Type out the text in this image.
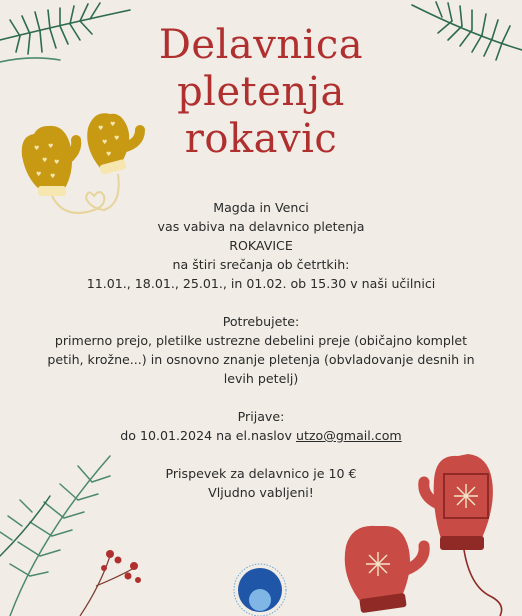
♥ ♥
♥ ♥
♥ ♥
♥
♥
♥
♥
♥
Delavnica
pletenja
rokavic
Magda in Venci
vas vabiva na delavnico pletenja
ROKAVICE
na štiri srečanja ob četrtkih:
11.01., 18.01., 25.01., in 01.02. ob 15.30 v naši učilnici
Potrebujete:
primerno prejo, pletilke ustrezne debelini preje (običajno komplet
petih, krožne...) in osnovno znanje pletenja (obvladovanje desnih in
levih petelj)
Prijave:
do 10.01.2024 na el.naslov utzo@gmail.com
Prispevek za delavnico je 10 €
Vljudno vabljeni!
